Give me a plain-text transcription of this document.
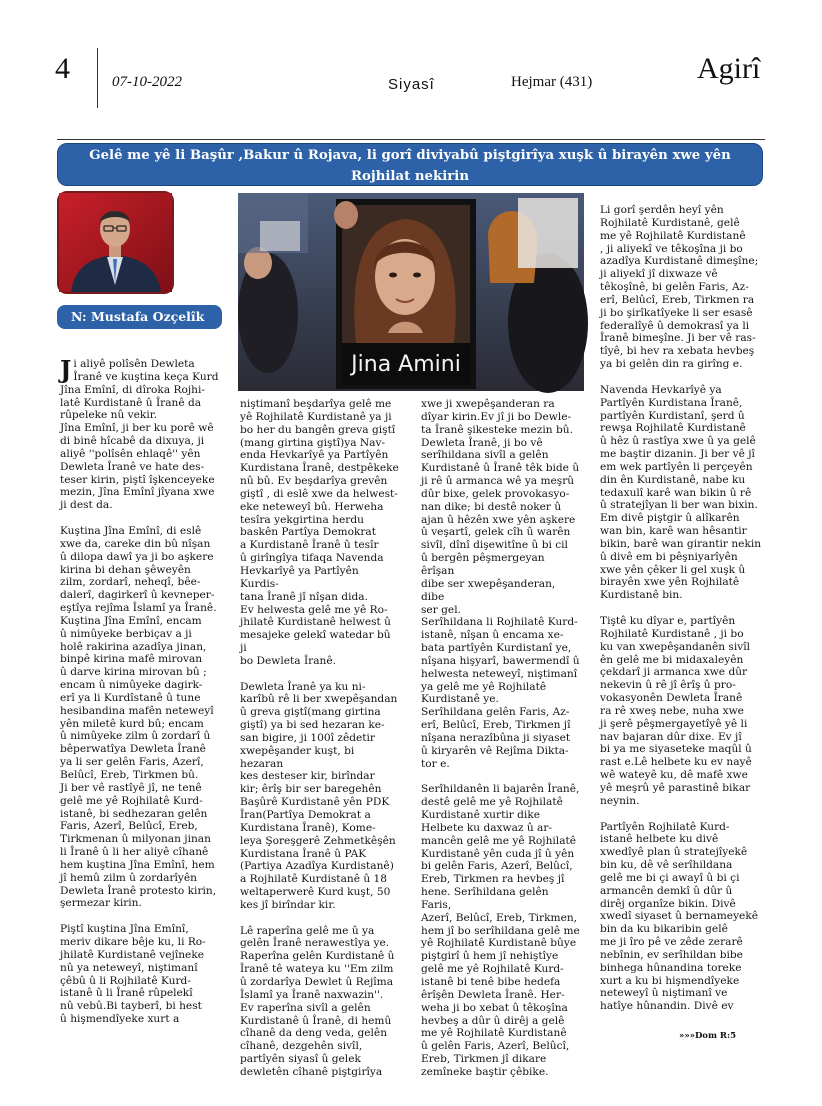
4	07-10-2022	Siyasî	Hejmar (431)	Agirî
Gelê me yê li Başûr ,Bakur û Rojava, li gorî diviyabû piştgirîya xuşk û birayên xwe yên Rojhilat nekirin
N: Mustafa Ozçelîk
Jina Amini
Ji aliyê polîsên Dewleta
Îranê ve kuştina keça Kurd
Jîna Emînî, di dîroka Rojhi-
latê Kurdistanê û Îranê da
rûpeleke nû vekir.
Jîna Emînî, ji ber ku porê wê
di binê hîcabê da dixuya, ji
aliyê ''polîsên ehlaqê'' yên
Dewleta Îranê ve hate des-
teser kirin, piştî îşkenceyeke
mezin, Jîna Emînî jîyana xwe
ji dest da.

Kuştina Jîna Emînî, di eslê
xwe da, careke din bû nîşan
û dilopa dawî ya ji bo aşkere
kirina bi dehan şêweyên
zilm, zordarî, neheqî, bêe-
dalerî, dagirkerî û kevneper-
eştîya rejîma Îslamî ya Îranê.
Kuştina Jîna Emînî, encam
û nimûyeke berbiçav a ji
holê rakirina azadîya jinan,
binpê kirina mafê mirovan
û darve kirina mirovan bû ;
encam û nimûyeke dagirk-
erî ya li Kurdîstanê û tune
hesibandina mafên neteweyî
yên miletê kurd bû; encam
û nimûyeke zilm û zordarî û
bêperwatîya Dewleta Îranê
ya li ser gelên Faris, Azerî,
Belûcî, Ereb, Tirkmen bû.
Ji ber vê rastîyê jî, ne tenê
gelê me yê Rojhilatê Kurd-
istanê, bi sedhezaran gelên
Faris, Azerî, Belûcî, Ereb,
Tirkmenan û milyonan jinan
li Îranê û li her aliyê cîhanê
hem kuştina Jîna Emînî, hem
jî hemû zilm û zordarîyên
Dewleta Îranê protesto kirin,
şermezar kirin.

Piştî kuştina Jîna Emînî,
meriv dikare bêje ku, li Ro-
jhilatê Kurdistanê vejîneke
nû ya neteweyî, niştimanî
çêbû û li Rojhilatê Kurd-
istanê û li Îranê rûpelekî
nû vebû.Bi tayberî, bi hest
û hişmendîyeke xurt a
niştimanî beşdarîya gelê me
yê Rojhilatê Kurdistanê ya ji
bo her du bangên greva giştî
(mang girtina giştî)ya Nav-
enda Hevkarîyê ya Partîyên
Kurdistana Îranê, destpêkeke
nû bû. Ev beşdarîya grevên
giştî , di eslê xwe da helwest-
eke neteweyî bû. Herweha
tesîra yekgirtina herdu
baskên Partîya Demokrat
a Kurdistanê Îranê û tesîr
û girîngîya tifaqa Navenda
Hevkarîyê ya Partîyên Kurdis-
tana Îranê jî nîşan dida.
Ev helwesta gelê me yê Ro-
jhilatê Kurdistanê helwest û
mesajeke gelekî watedar bû ji
bo Dewleta Îranê.

Dewleta Îranê ya ku ni-
karîbû rê li ber xwepêşandan
û greva giştî(mang girtina
giştî) ya bi sed hezaran ke-
san bigire, ji 100î zêdetir
xwepêşander kuşt, bi hezaran
kes desteser kir, birîndar
kir; êrîş bir ser baregehên
Başûrê Kurdistanê yên PDK
Îran(Partîya Demokrat a
Kurdistana Îranê), Kome-
leya Şoreşgerê Zehmetkêşên
Kurdistana Îranê û PAK
(Partiya Azadîya Kurdistanê)
a Rojhilatê Kurdistanê û 18
weltaperwerê Kurd kuşt, 50
kes jî birîndar kir.

Lê raperîna gelê me û ya
gelên Îranê nerawestîya ye.
Raperîna gelên Kurdistanê û
Îranê tê wateya ku ''Em zilm
û zordarîya Dewlet û Rejîma
Îslamî ya Îranê naxwazin''.
Ev raperîna sivîl a gelên
Kurdistanê û Îranê, di hemû
cîhanê da deng veda, gelên
cîhanê, dezgehên sivîl,
partîyên siyasî û gelek
dewletên cîhanê piştgirîya
xwe ji xwepêşanderan ra
dîyar kirin.Ev jî ji bo Dewle-
ta Îranê şikesteke mezin bû.
Dewleta Îranê, ji bo vê
serîhildana sivîl a gelên
Kurdistanê û Îranê têk bide û
ji rê û armanca wê ya meşrû
dûr bixe, gelek provokasyo-
nan dike; bi destê noker û
ajan û hêzên xwe yên aşkere
û veşartî, gelek cîh û warên
sivîl, dînî dişewitîne û bi cil
û bergên pêşmergeyan êrîşan
dibe ser xwepêşanderan, dibe
ser gel.
Serîhildana li Rojhilatê Kurd-
istanê, nîşan û encama xe-
bata partîyên Kurdistanî ye,
nîşana hişyarî, bawermendî û
helwesta neteweyî, niştimanî
ya gelê me yê Rojhilatê
Kurdistanê ye.
Serîhildana gelên Faris, Az-
erî, Belûcî, Ereb, Tirkmen jî
nîşana nerazîbûna ji siyaset
û kiryarên vê Rejîma Dikta-
tor e.

Serîhildanên li bajarên Îranê,
destê gelê me yê Rojhilatê
Kurdistanê xurtir dike
Helbete ku daxwaz û ar-
mancên gelê me yê Rojhilatê
Kurdistanê yên cuda jî û yên
bi gelên Faris, Azerî, Belûcî,
Ereb, Tirkmen ra hevbeş jî
hene. Serîhildana gelên Faris,
Azerî, Belûcî, Ereb, Tirkmen,
hem jî bo serîhildana gelê me
yê Rojhilatê Kurdistanê bûye
piştgirî û hem jî nehiştîye
gelê me yê Rojhilatê Kurd-
istanê bi tenê bibe hedefa
êrîşên Dewleta Îranê. Her-
weha ji bo xebat û têkoşîna
hevbeş a dûr û dirêj a gelê
me yê Rojhilatê Kurdistanê
û gelên Faris, Azerî, Belûcî,
Ereb, Tirkmen jî dikare
zemîneke baştir çêbike.
Li gorî şerdên heyî yên
Rojhilatê Kurdistanê, gelê
me yê Rojhilatê Kurdistanê
, ji aliyekî ve têkoşîna ji bo
azadîya Kurdistanê dimeşîne;
ji aliyekî jî dixwaze vê
têkoşînê, bi gelên Faris, Az-
erî, Belûcî, Ereb, Tirkmen ra
ji bo şirîkatîyeke li ser esasê
federalîyê û demokrasî ya li
Îranê bimeşîne. Ji ber vê ras-
tîyê, bi hev ra xebata hevbeş
ya bi gelên din ra girîng e.

Navenda Hevkarîyê ya
Partîyên Kurdistana Îranê,
partîyên Kurdistanî, şerd û
rewşa Rojhilatê Kurdistanê
û hêz û rastîya xwe û ya gelê
me baştir dizanin. Ji ber vê jî
em wek partîyên li perçeyên
din ên Kurdistanê, nabe ku
tedaxulî karê wan bikin û rê
û stratejîyan li ber wan bixin.
Em divê piştgir û alîkarên
wan bin, karê wan hêsantir
bikin, barê wan girantir nekin
û divê em bi pêşniyarîyên
xwe yên çêker li gel xuşk û
birayên xwe yên Rojhilatê
Kurdistanê bin.

Tiştê ku dîyar e, partîyên
Rojhilatê Kurdistanê , ji bo
ku van xwepêşandanên sivîl
ên gelê me bi midaxaleyên
çekdarî ji armanca xwe dûr
nekevin û rê jî êrîş û pro-
vokasyonên Dewleta Îranê
ra rê xweş nebe, nuha xwe
ji şerê pêşmergayetîyê yê li
nav bajaran dûr dixe. Ev jî
bi ya me siyaseteke maqûl û
rast e.Lê helbete ku ev nayê
wê wateyê ku, dê mafê xwe
yê meşrû yê parastinê bikar
neynin.

Partîyên Rojhilatê Kurd-
istanê helbete ku divê
xwedîyê plan û stratejîyekê
bin ku, dê vê serîhildana
gelê me bi çi awayî û bi çi
armancên demkî û dûr û
dirêj organîze bikin. Divê
xwedî siyaset û bernameyekê
bin da ku bikaribin gelê
me ji îro pê ve zêde zerarê
nebînin, ev serîhildan bibe
binhega hûnandina toreke
xurt a ku bi hişmendîyeke
neteweyî û niştimanî ve
hatîye hûnandin. Divê ev
»»»Dom R:5
